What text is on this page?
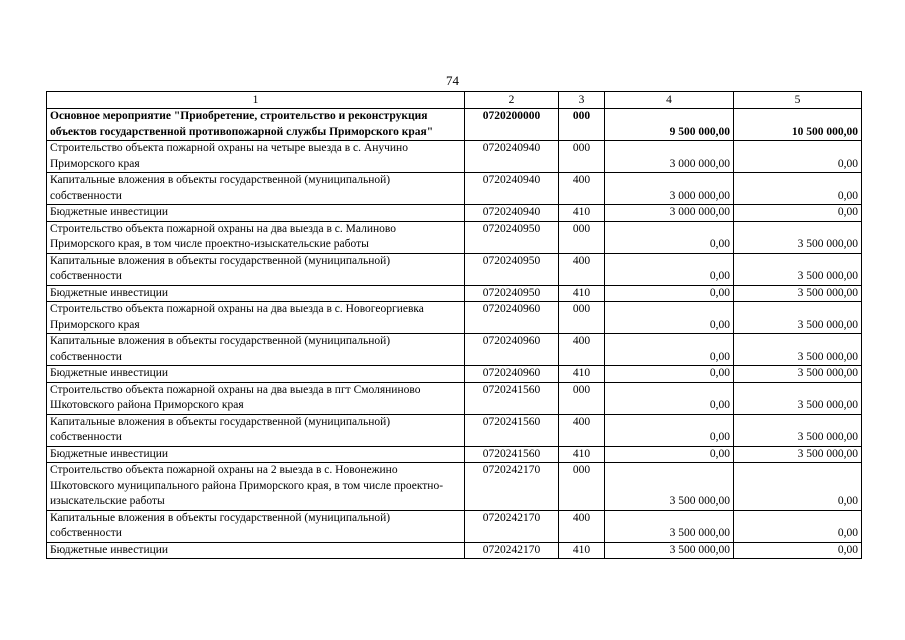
74
1	2	3	4	5
Основное мероприятие "Приобретение, строительство и реконструкция объектов государственной противопожарной службы Приморского края"	0720200000	000	9 500 000,00	10 500 000,00
Строительство объекта пожарной охраны на четыре выезда в с. Анучино Приморского края	0720240940	000	3 000 000,00	0,00
Капитальные вложения в объекты государственной (муниципальной) собственности	0720240940	400	3 000 000,00	0,00
Бюджетные инвестиции	0720240940	410	3 000 000,00	0,00
Строительство объекта пожарной охраны на два выезда в с. Малиново Приморского края, в том числе проектно-изыскательские работы	0720240950	000	0,00	3 500 000,00
Капитальные вложения в объекты государственной (муниципальной) собственности	0720240950	400	0,00	3 500 000,00
Бюджетные инвестиции	0720240950	410	0,00	3 500 000,00
Строительство объекта пожарной охраны на два выезда в с. Новогеоргиевка Приморского края	0720240960	000	0,00	3 500 000,00
Капитальные вложения в объекты государственной (муниципальной) собственности	0720240960	400	0,00	3 500 000,00
Бюджетные инвестиции	0720240960	410	0,00	3 500 000,00
Строительство объекта пожарной охраны на два выезда в пгт Смоляниново Шкотовского района Приморского края	0720241560	000	0,00	3 500 000,00
Капитальные вложения в объекты государственной (муниципальной) собственности	0720241560	400	0,00	3 500 000,00
Бюджетные инвестиции	0720241560	410	0,00	3 500 000,00
Строительство объекта пожарной охраны на 2 выезда в с. Новонежино Шкотовского муниципального района Приморского края, в том числе проектно-изыскательские работы	0720242170	000	3 500 000,00	0,00
Капитальные вложения в объекты государственной (муниципальной) собственности	0720242170	400	3 500 000,00	0,00
Бюджетные инвестиции	0720242170	410	3 500 000,00	0,00
